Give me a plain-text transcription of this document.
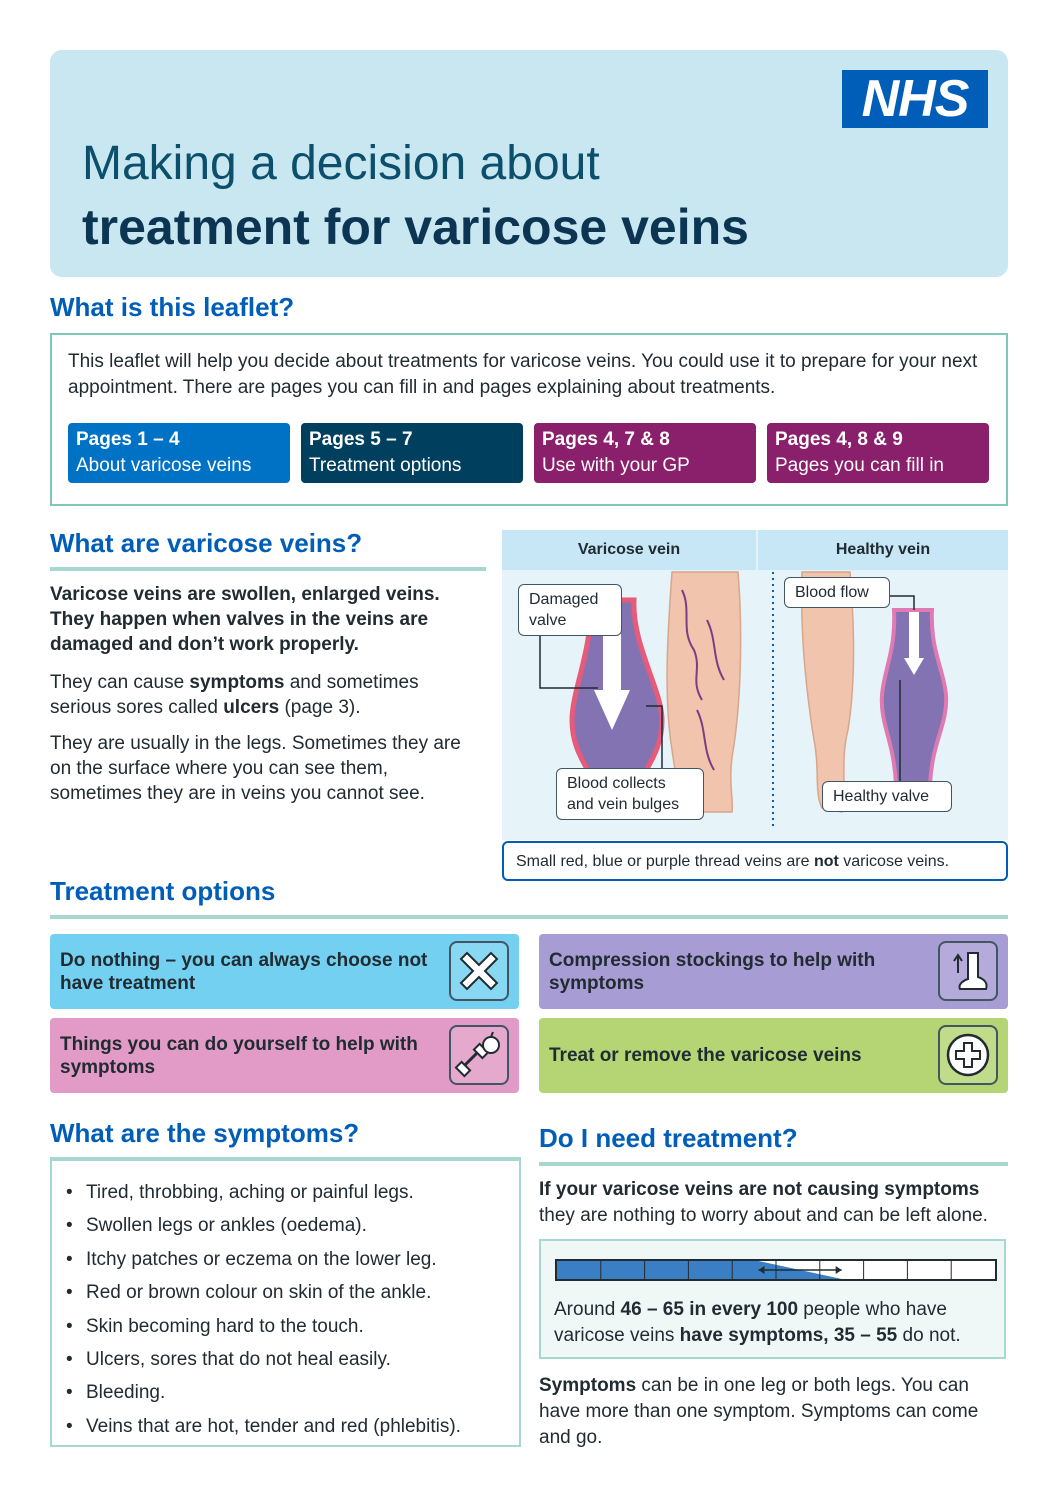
NHS
Making a decision about
treatment for varicose veins
What is this leaflet?
This leaflet will help you decide about treatments for varicose veins. You could use it to prepare for your next appointment. There are pages you can fill in and pages explaining about treatments.
Pages 1 – 4
About varicose veins
Pages 5 – 7
Treatment options
Pages 4, 7 & 8
Use with your GP
Pages 4, 8 & 9
Pages you can fill in
What are varicose veins?
Varicose veins are swollen, enlarged veins. They happen when valves in the veins are damaged and don’t work properly.
They can cause symptoms and sometimes serious sores called ulcers (page 3).
They are usually in the legs. Sometimes they are on the surface where you can see them, sometimes they are in veins you cannot see.
Varicose vein	Healthy vein
Damaged valve
Blood collects and vein bulges
Blood flow
Healthy valve
Small red, blue or purple thread veins are not varicose veins.
Treatment options
Do nothing – you can always choose not have treatment
Compression stockings to help with symptoms
Things you can do yourself to help with symptoms
Treat or remove the varicose veins
What are the symptoms?
• Tired, throbbing, aching or painful legs.
• Swollen legs or ankles (oedema).
• Itchy patches or eczema on the lower leg.
• Red or brown colour on skin of the ankle.
• Skin becoming hard to the touch.
• Ulcers, sores that do not heal easily.
• Bleeding.
• Veins that are hot, tender and red (phlebitis).
Do I need treatment?
If your varicose veins are not causing symptoms
they are nothing to worry about and can be left alone.
Around 46 – 65 in every 100 people who have varicose veins have symptoms, 35 – 55 do not.
Symptoms can be in one leg or both legs. You can have more than one symptom. Symptoms can come and go.
